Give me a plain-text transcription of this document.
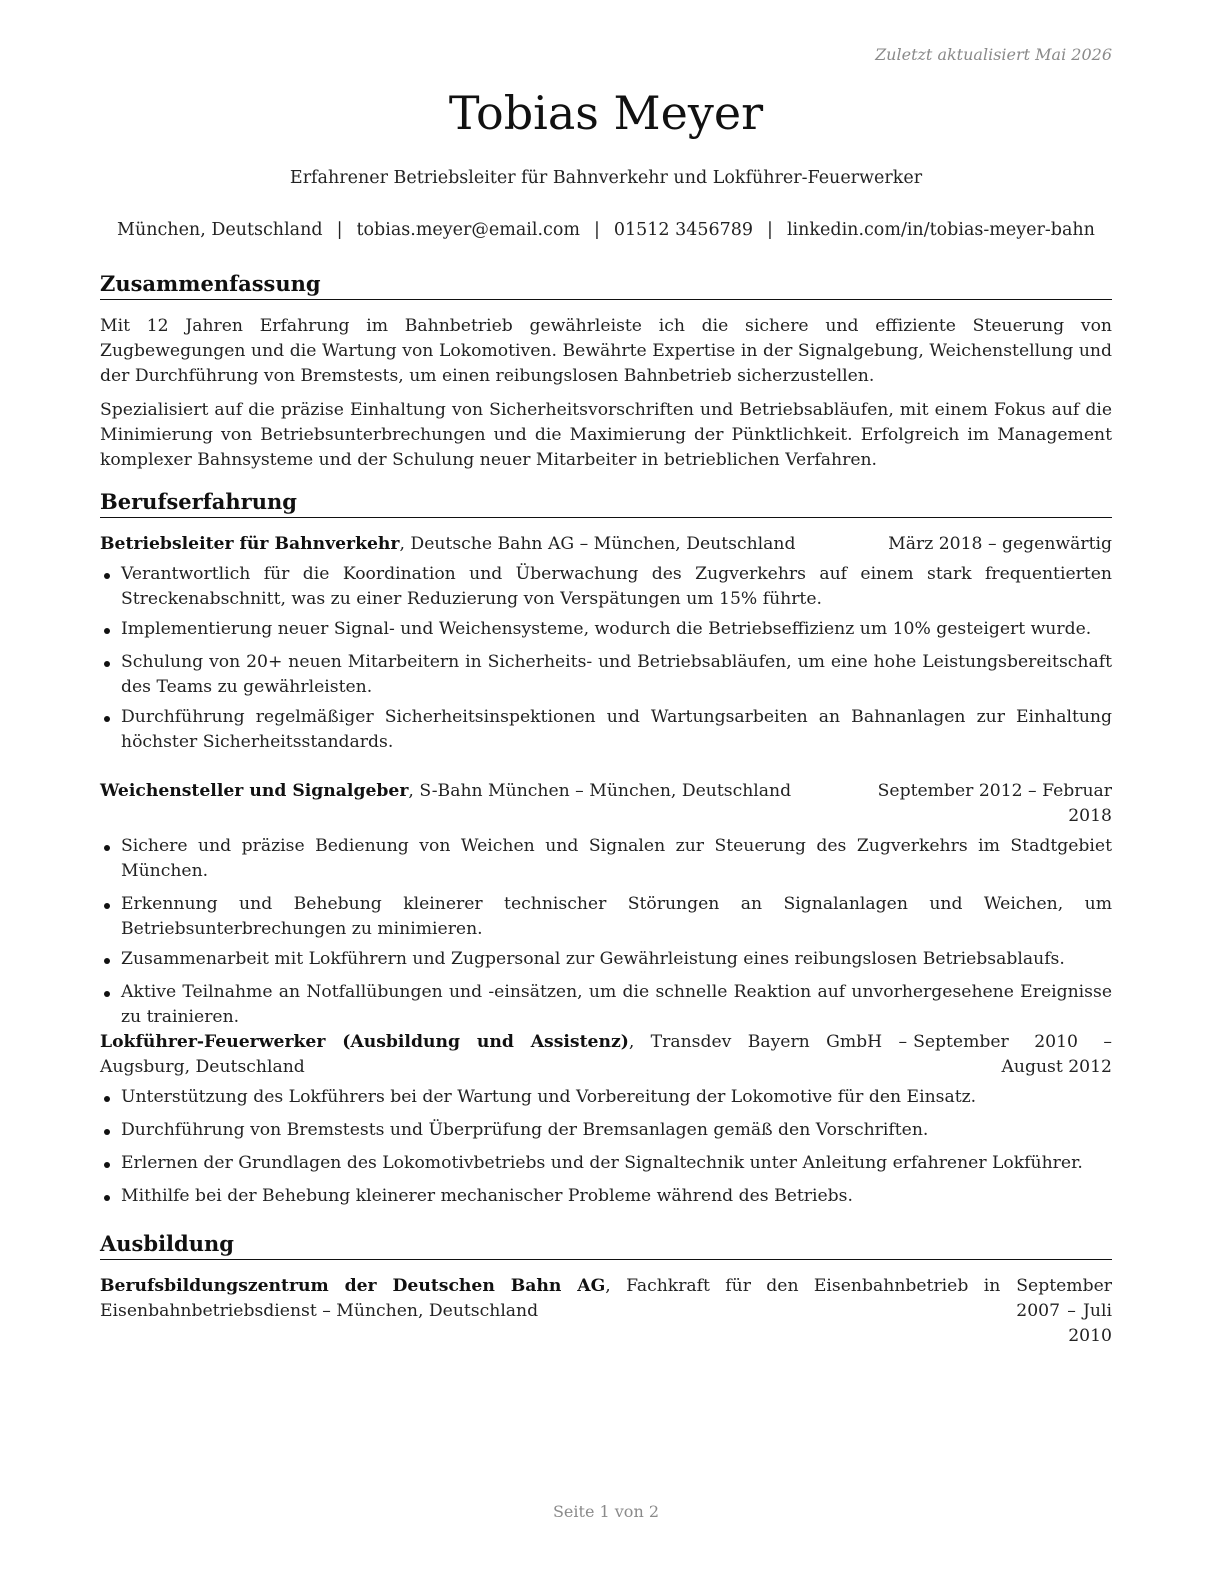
Zuletzt aktualisiert Mai 2026
Tobias Meyer
Erfahrener Betriebsleiter für Bahnverkehr und Lokführer-Feuerwerker
München, Deutschland | tobias.meyer@email.com | 01512 3456789 | linkedin.com/in/tobias-meyer-bahn
Zusammenfassung
Mit 12 Jahren Erfahrung im Bahnbetrieb gewährleiste ich die sichere und effiziente Steuerung von Zugbewegungen und die Wartung von Lokomotiven. Bewährte Expertise in der Signalgebung, Weichenstellung und der Durchführung von Bremstests, um einen reibungslosen Bahnbetrieb sicherzustellen.
Spezialisiert auf die präzise Einhaltung von Sicherheitsvorschriften und Betriebsabläufen, mit einem Fokus auf die Minimierung von Betriebsunterbrechungen und die Maximierung der Pünktlichkeit. Erfolgreich im Management komplexer Bahnsysteme und der Schulung neuer Mitarbeiter in betrieblichen Verfahren.
Berufserfahrung
Betriebsleiter für Bahnverkehr, Deutsche Bahn AG – München, Deutschland	März 2018 – gegenwärtig
Verantwortlich für die Koordination und Überwachung des Zugverkehrs auf einem stark frequentierten Streckenabschnitt, was zu einer Reduzierung von Verspätungen um 15% führte.
Implementierung neuer Signal- und Weichensysteme, wodurch die Betriebseffizienz um 10% gesteigert wurde.
Schulung von 20+ neuen Mitarbeitern in Sicherheits- und Betriebsabläufen, um eine hohe Leistungsbereitschaft des Teams zu gewährleisten.
Durchführung regelmäßiger Sicherheitsinspektionen und Wartungsarbeiten an Bahnanlagen zur Einhaltung höchster Sicherheitsstandards.
Weichensteller und Signalgeber, S-Bahn München – München, Deutschland	September 2012 – Februar 2018
Sichere und präzise Bedienung von Weichen und Signalen zur Steuerung des Zugverkehrs im Stadtgebiet München.
Erkennung und Behebung kleinerer technischer Störungen an Signalanlagen und Weichen, um Betriebsunterbrechungen zu minimieren.
Zusammenarbeit mit Lokführern und Zugpersonal zur Gewährleistung eines reibungslosen Betriebsablaufs.
Aktive Teilnahme an Notfallübungen und -einsätzen, um die schnelle Reaktion auf unvorhergesehene Ereignisse zu trainieren.
Lokführer-Feuerwerker (Ausbildung und Assistenz), Transdev Bayern GmbH – Augsburg, Deutschland
September 2010 – August 2012
Unterstützung des Lokführers bei der Wartung und Vorbereitung der Lokomotive für den Einsatz.
Durchführung von Bremstests und Überprüfung der Bremsanlagen gemäß den Vorschriften.
Erlernen der Grundlagen des Lokomotivbetriebs und der Signaltechnik unter Anleitung erfahrener Lokführer.
Mithilfe bei der Behebung kleinerer mechanischer Probleme während des Betriebs.
Ausbildung
Berufsbildungszentrum der Deutschen Bahn AG, Fachkraft für den Eisenbahnbetrieb in Eisenbahnbetriebsdienst – München, Deutschland
September 2007 – Juli 2010
Seite 1 von 2
